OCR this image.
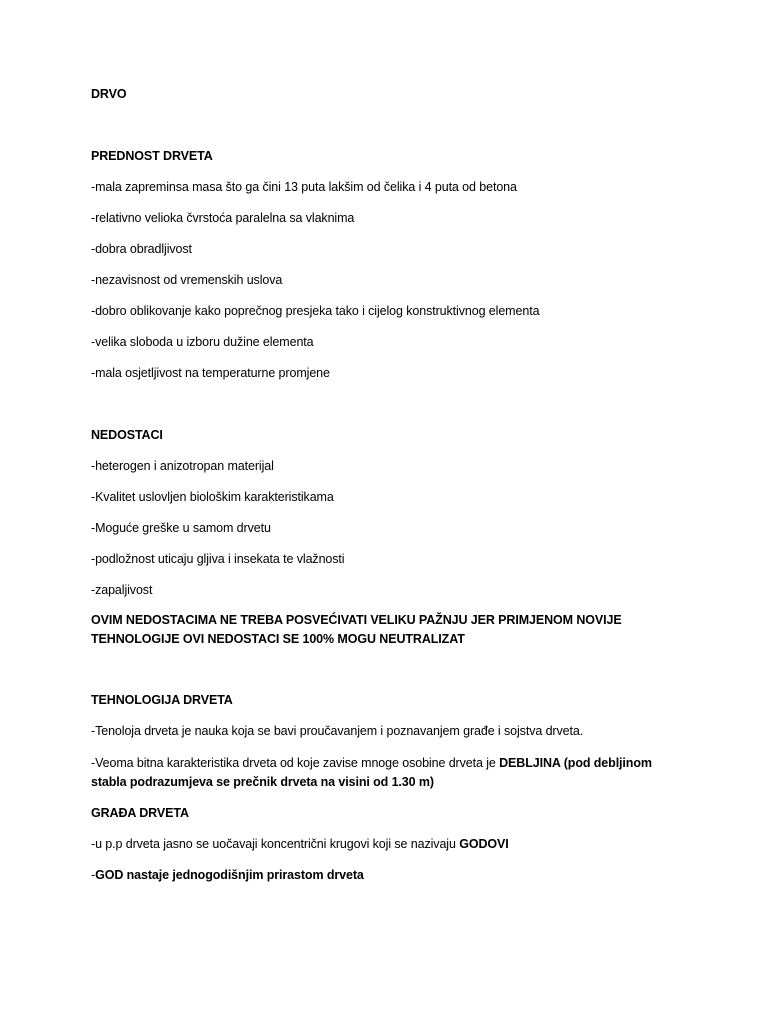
DRVO
PREDNOST DRVETA
-mala zapreminsa masa što ga čini 13 puta lakšim od čelika i 4 puta od betona
-relativno velioka čvrstoća paralelna sa vlaknima
-dobra obradljivost
-nezavisnost od vremenskih uslova
-dobro oblikovanje kako poprečnog presjeka tako i cijelog konstruktivnog elementa
-velika sloboda u izboru dužine elementa
-mala osjetljivost na temperaturne promjene
NEDOSTACI
-heterogen i anizotropan materijal
-Kvalitet uslovljen biološkim karakteristikama
-Moguće greške u samom drvetu
-podložnost uticaju gljiva i insekata te vlažnosti
-zapaljivost
OVIM NEDOSTACIMA NE TREBA POSVEĆIVATI VELIKU PAŽNJU JER PRIMJENOM NOVIJE
TEHNOLOGIJE OVI NEDOSTACI SE 100% MOGU NEUTRALIZAT
TEHNOLOGIJA DRVETA
-Tenoloja drveta je nauka koja se bavi proučavanjem i poznavanjem građe i sojstva drveta.
-Veoma bitna karakteristika drveta od koje zavise mnoge osobine drveta je DEBLJINA (pod debljinom
stabla podrazumjeva se prečnik drveta na visini od 1.30 m)
GRAĐA DRVETA
-u p.p drveta jasno se uočavaji koncentrični krugovi koji se nazivaju GODOVI
-GOD nastaje jednogodišnjim prirastom drveta
